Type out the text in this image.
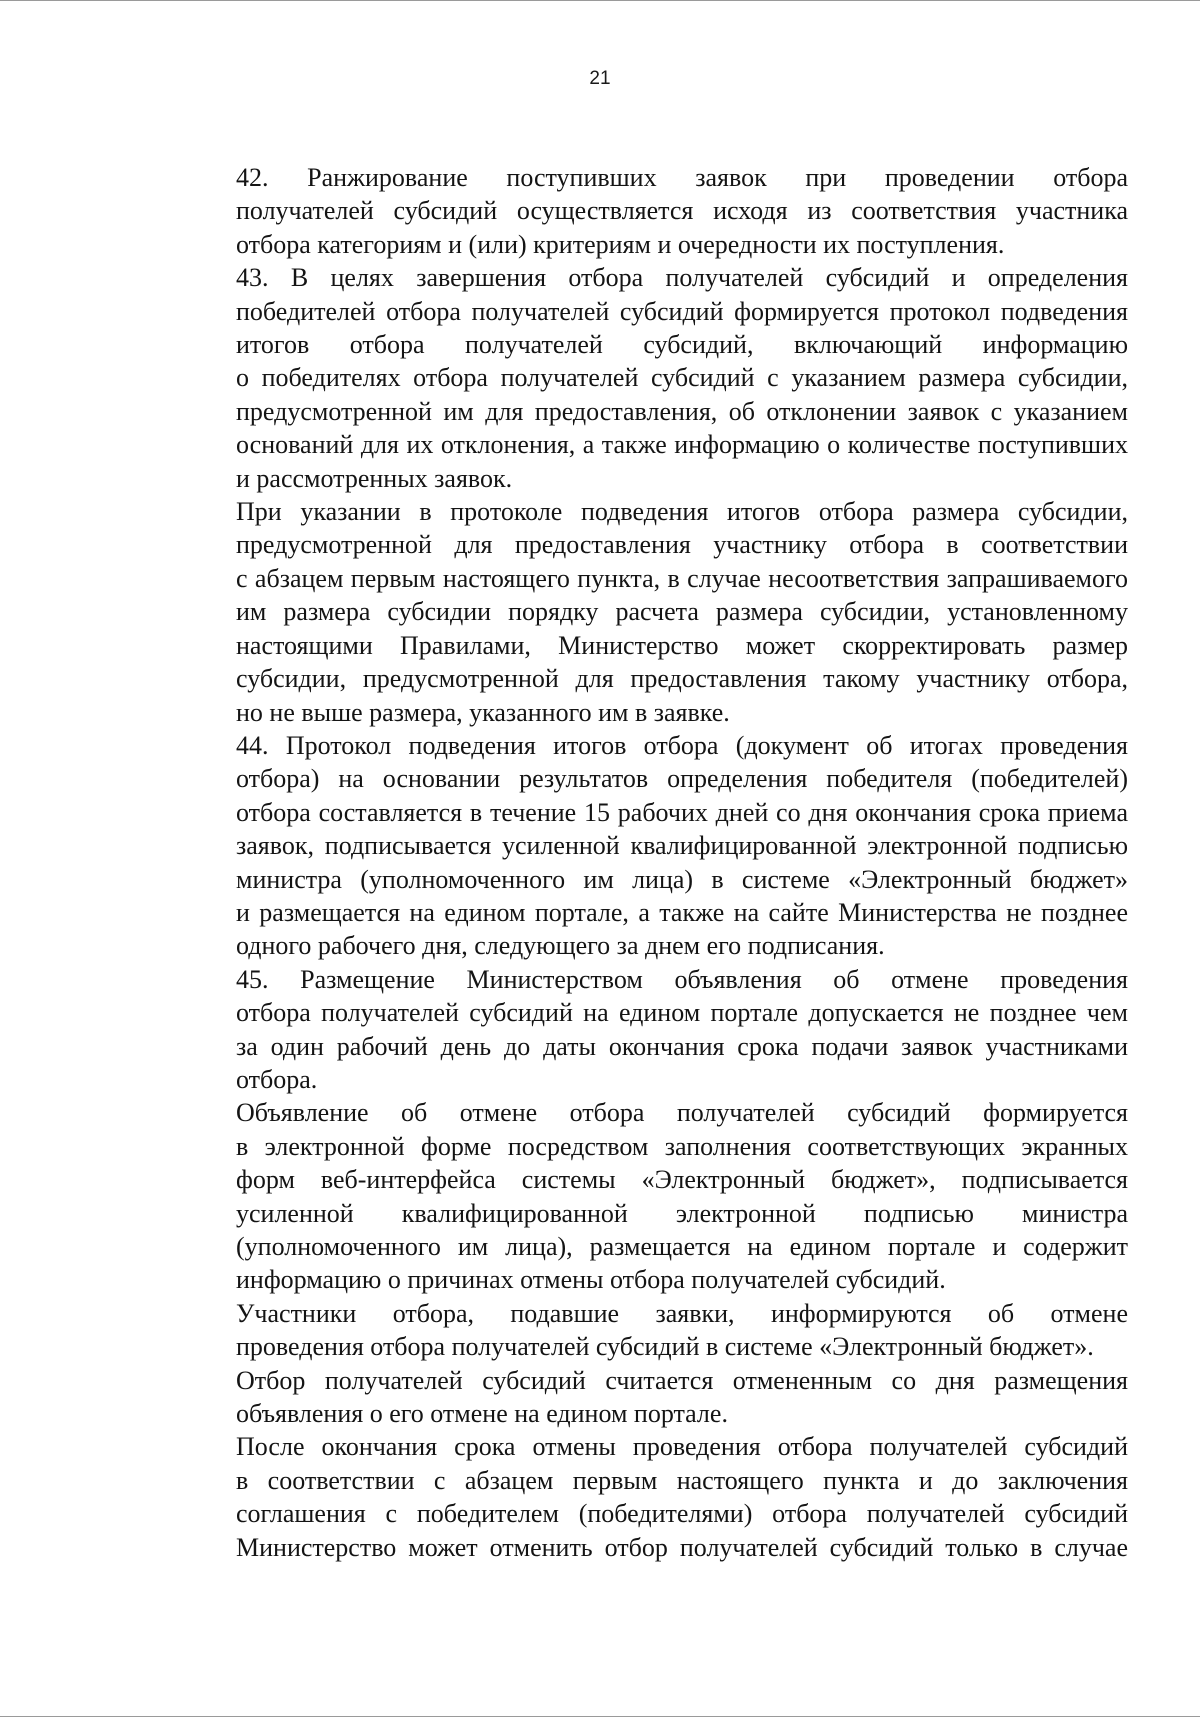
21

42. Ранжирование поступивших заявок при проведении отбора
получателей субсидий осуществляется исходя из соответствия участника
отбора категориям и (или) критериям и очередности их поступления.

43. В целях завершения отбора получателей субсидий и определения
победителей отбора получателей субсидий формируется протокол подведения
итогов отбора получателей субсидий, включающий информацию
о победителях отбора получателей субсидий с указанием размера субсидии,
предусмотренной им для предоставления, об отклонении заявок с указанием
оснований для их отклонения, а также информацию о количестве поступивших
и рассмотренных заявок.

При указании в протоколе подведения итогов отбора размера субсидии,
предусмотренной для предоставления участнику отбора в соответствии
с абзацем первым настоящего пункта, в случае несоответствия запрашиваемого
им размера субсидии порядку расчета размера субсидии, установленному
настоящими Правилами, Министерство может скорректировать размер
субсидии, предусмотренной для предоставления такому участнику отбора,
но не выше размера, указанного им в заявке.

44. Протокол подведения итогов отбора (документ об итогах проведения
отбора) на основании результатов определения победителя (победителей)
отбора составляется в течение 15 рабочих дней со дня окончания срока приема
заявок, подписывается усиленной квалифицированной электронной подписью
министра (уполномоченного им лица) в системе «Электронный бюджет»
и размещается на едином портале, а также на сайте Министерства не позднее
одного рабочего дня, следующего за днем его подписания.

45. Размещение Министерством объявления об отмене проведения
отбора получателей субсидий на едином портале допускается не позднее чем
за один рабочий день до даты окончания срока подачи заявок участниками
отбора.

Объявление об отмене отбора получателей субсидий формируется
в электронной форме посредством заполнения соответствующих экранных
форм веб-интерфейса системы «Электронный бюджет», подписывается
усиленной квалифицированной электронной подписью министра
(уполномоченного им лица), размещается на едином портале и содержит
информацию о причинах отмены отбора получателей субсидий.

Участники отбора, подавшие заявки, информируются об отмене
проведения отбора получателей субсидий в системе «Электронный бюджет».

Отбор получателей субсидий считается отмененным со дня размещения
объявления о его отмене на едином портале.

После окончания срока отмены проведения отбора получателей субсидий
в соответствии с абзацем первым настоящего пункта и до заключения
соглашения с победителем (победителями) отбора получателей субсидий
Министерство может отменить отбор получателей субсидий только в случае
